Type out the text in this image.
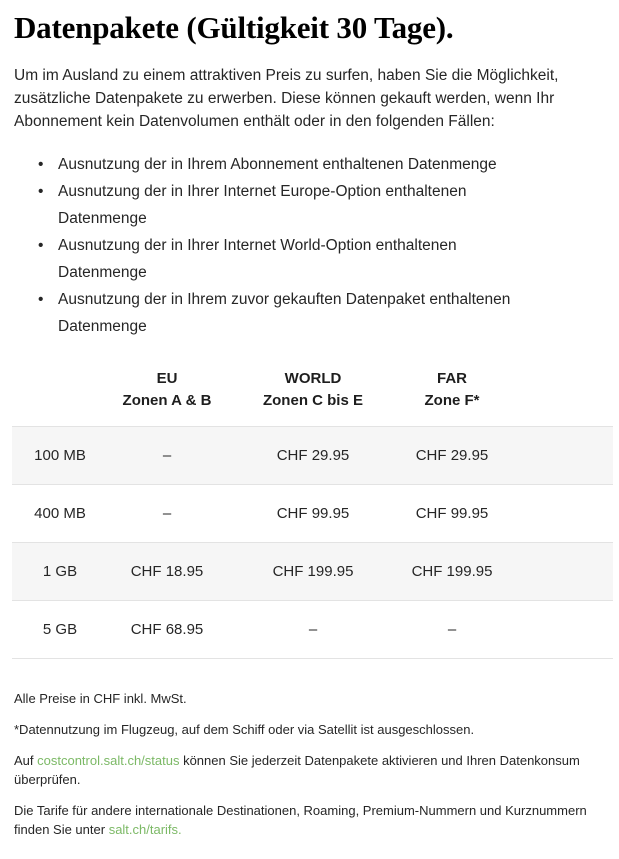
Datenpakete (Gültigkeit 30 Tage).

Um im Ausland zu einem attraktiven Preis zu surfen, haben Sie die Möglichkeit, zusätzliche Datenpakete zu erwerben. Diese können gekauft werden, wenn Ihr Abonnement kein Datenvolumen enthält oder in den folgenden Fällen:

• Ausnutzung der in Ihrem Abonnement enthaltenen Datenmenge
• Ausnutzung der in Ihrer Internet Europe-Option enthaltenen Datenmenge
• Ausnutzung der in Ihrer Internet World-Option enthaltenen Datenmenge
• Ausnutzung der in Ihrem zuvor gekauften Datenpaket enthaltenen Datenmenge

EU
Zonen A & B

WORLD
Zonen C bis E

FAR
Zone F*

100 MB	–	CHF 29.95	CHF 29.95	
400 MB	–	CHF 99.95	CHF 99.95	
1 GB	CHF 18.95	CHF 199.95	CHF 199.95	
5 GB	CHF 68.95	–	–	

Alle Preise in CHF inkl. MwSt.

*Datennutzung im Flugzeug, auf dem Schiff oder via Satellit ist ausgeschlossen.

Auf costcontrol.salt.ch/status können Sie jederzeit Datenpakete aktivieren und Ihren Datenkonsum überprüfen.

Die Tarife für andere internationale Destinationen, Roaming, Premium-Nummern und Kurznummern finden Sie unter salt.ch/tarifs.
